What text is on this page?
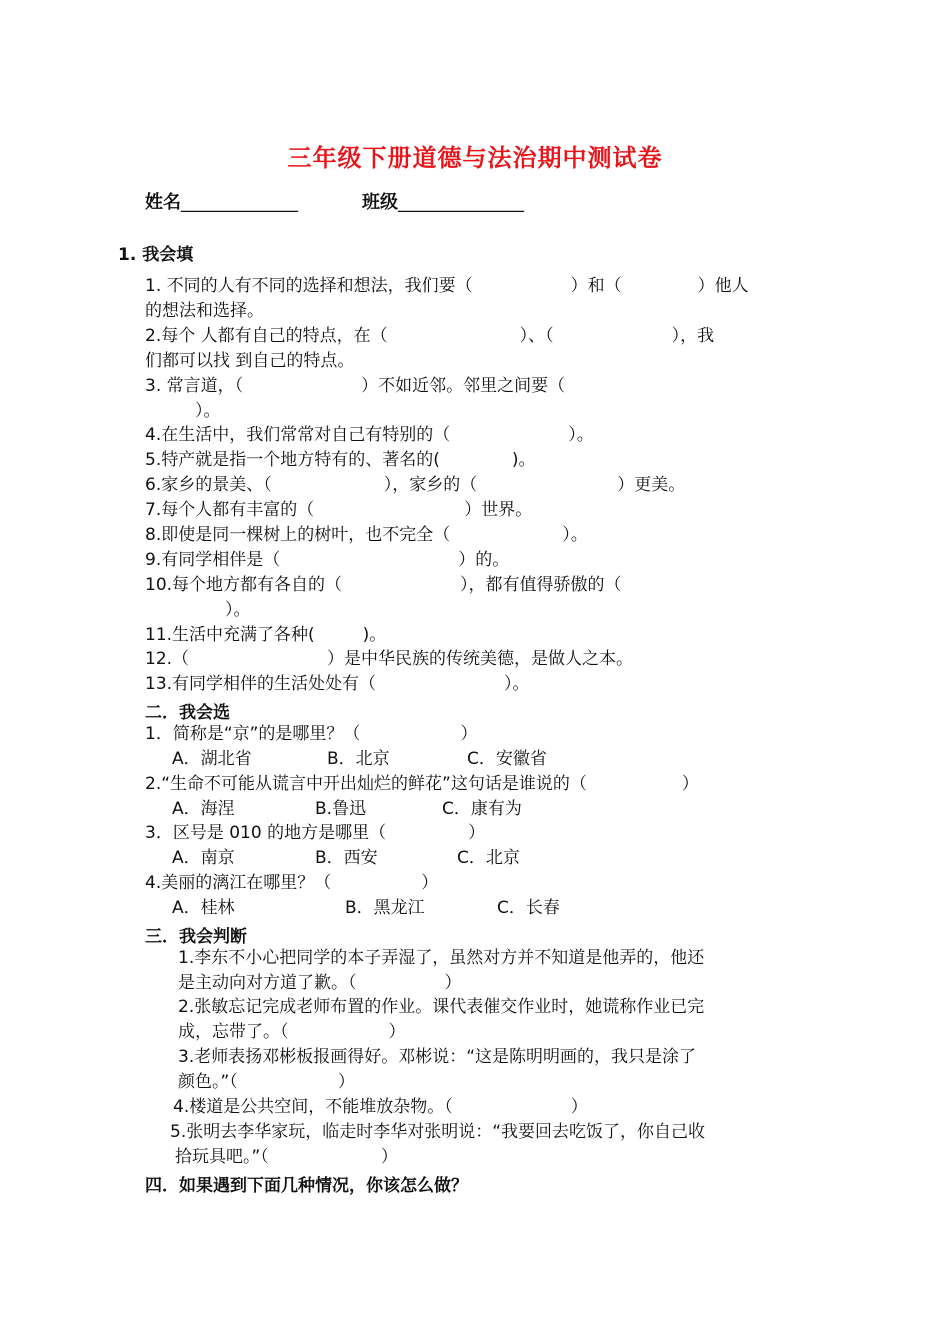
三年级下册道德与法治期中测试卷
姓名_____________	班级______________
1. 我会填
1. 不同的人有不同的选择和想法，我们要（	）和（	）他人
的想法和选择。
2.每个 人都有自己的特点，在（	）、（	），我
们都可以找 到自己的特点。
3. 常言道，（	）不如近邻。邻里之间要（
）。
4.在生活中，我们常常对自己有特别的（	）。
5.特产就是指一个地方特有的、著名的(	)。
6.家乡的景美、（	），家乡的（	）更美。
7.每个人都有丰富的（	）世界。
8.即使是同一棵树上的树叶，也不完全（	）。
9.有同学相伴是（	）的。
10.每个地方都有各自的（	），都有值得骄傲的（
）。
11.生活中充满了各种(	)。
12.（	）是中华民族的传统美德，是做人之本。
13.有同学相伴的生活处处有（	）。
二．我会选
1．简称是“京”的是哪里？（	）
A．湖北省	B．北京	C．安徽省
2.“生命不可能从谎言中开出灿烂的鲜花”这句话是谁说的（	）
A．海涅	B.鲁迅	C．康有为
3．区号是 010 的地方是哪里（	）
A．南京	B．西安	C．北京
4.美丽的漓江在哪里？（	）
A．桂林	B．黑龙江	C．长春
三．我会判断
1.李东不小心把同学的本子弄湿了，虽然对方并不知道是他弄的，他还
是主动向对方道了歉。（	）
2.张敏忘记完成老师布置的作业。课代表催交作业时，她谎称作业已完
成，忘带了。（	）
3.老师表扬邓彬板报画得好。邓彬说：“这是陈明明画的，我只是涂了
颜色。”（	）
4.楼道是公共空间，不能堆放杂物。（	）
5.张明去李华家玩，临走时李华对张明说：“我要回去吃饭了，你自己收
拾玩具吧。”（	）
四．如果遇到下面几种情况，你该怎么做？
